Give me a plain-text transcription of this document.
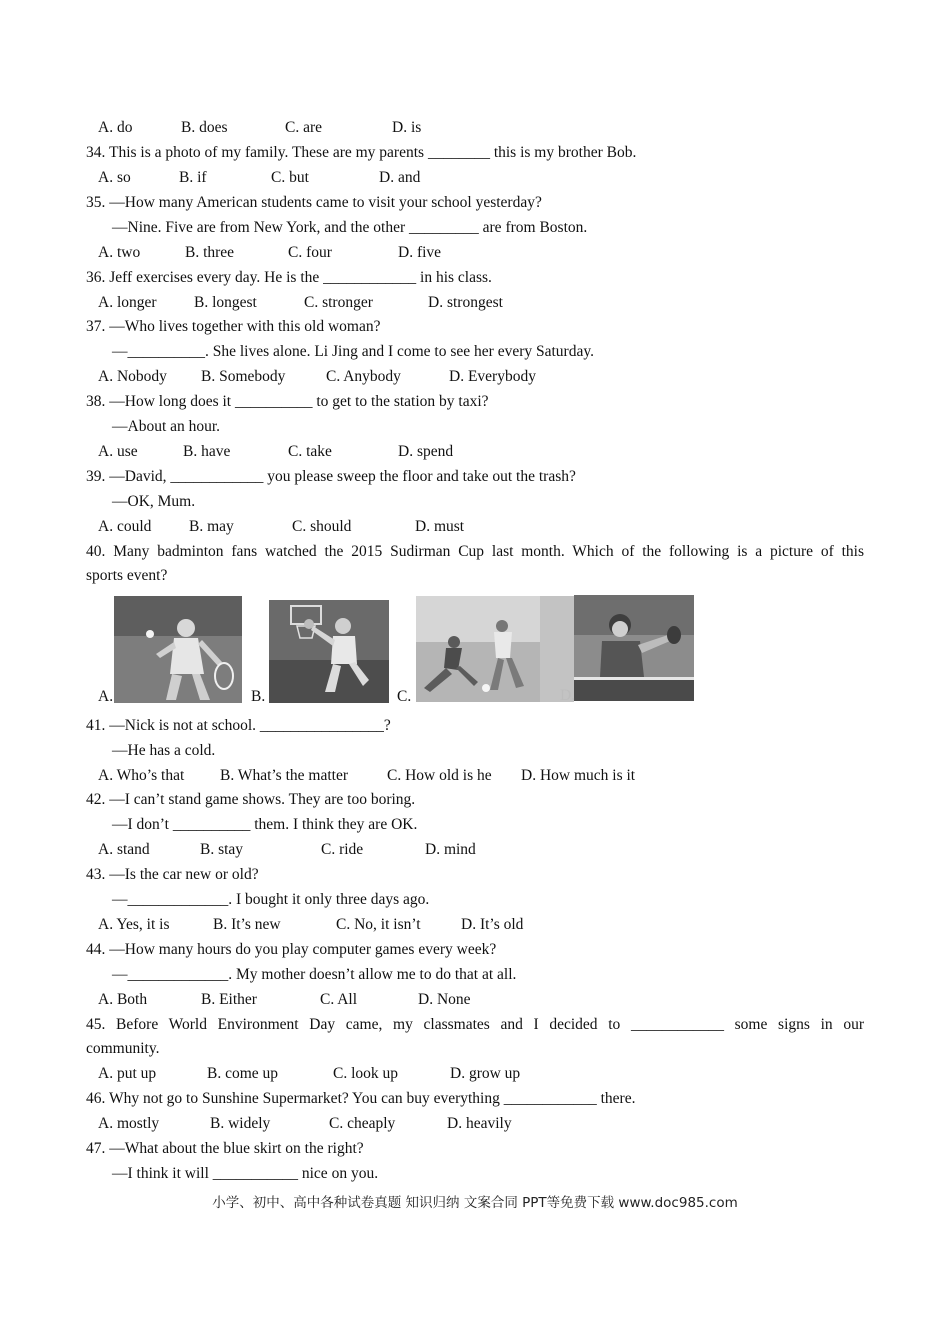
A. do	B. does	C. are	D. is
34. This is a photo of my family. These are my parents ________ this is my brother Bob.
A. so	B. if	C. but	D. and
35. —How many American students came to visit your school yesterday?
—Nine. Five are from New York, and the other _________ are from Boston.
A. two	B. three	C. four	D. five
36. Jeff exercises every day. He is the ____________ in his class.
A. longer B. longest	C. stronger	D. strongest
37. —Who lives together with this old woman?
—__________. She lives alone. Li Jing and I come to see her every Saturday.
A. Nobody B. Somebody	C. Anybody	D. Everybody
38. —How long does it __________ to get to the station by taxi?
—About an hour.
A. use	B. have	C. take	D. spend
39. —David, ____________ you please sweep the floor and take out the trash?
—OK, Mum.
A. could B. may	C. should	D. must
40. Many badminton fans watched the 2015 Sudirman Cup last month. Which of the following is a picture of this
sports event?
A.	B.	C.	D.
41. —Nick is not at school. ________________?
—He has a cold.
A. Who’s that B. What’s the matter	C. How old is he D. How much is it
42. —I can’t stand game shows. They are too boring.
—I don’t __________ them. I think they are OK.
A. stand	B. stay	C. ride	D. mind
43. —Is the car new or old?
—_____________. I bought it only three days ago.
A. Yes, it is	B. It’s new	C. No, it isn’t	D. It’s old
44. —How many hours do you play computer games every week?
—_____________. My mother doesn’t allow me to do that at all.
A. Both	B. Either	C. All	D. None
45. Before World Environment Day came, my classmates and I decided to ____________ some signs in our
community.
A. put up	B. come up	C. look up	D. grow up
46. Why not go to Sunshine Supermarket? You can buy everything ____________ there.
A. mostly	B. widely	C. cheaply	D. heavily
47. —What about the blue skirt on the right?
—I think it will ___________ nice on you.
小学、初中、高中各种试卷真题 知识归纳 文案合同 PPT等免费下载 www.doc985.com
